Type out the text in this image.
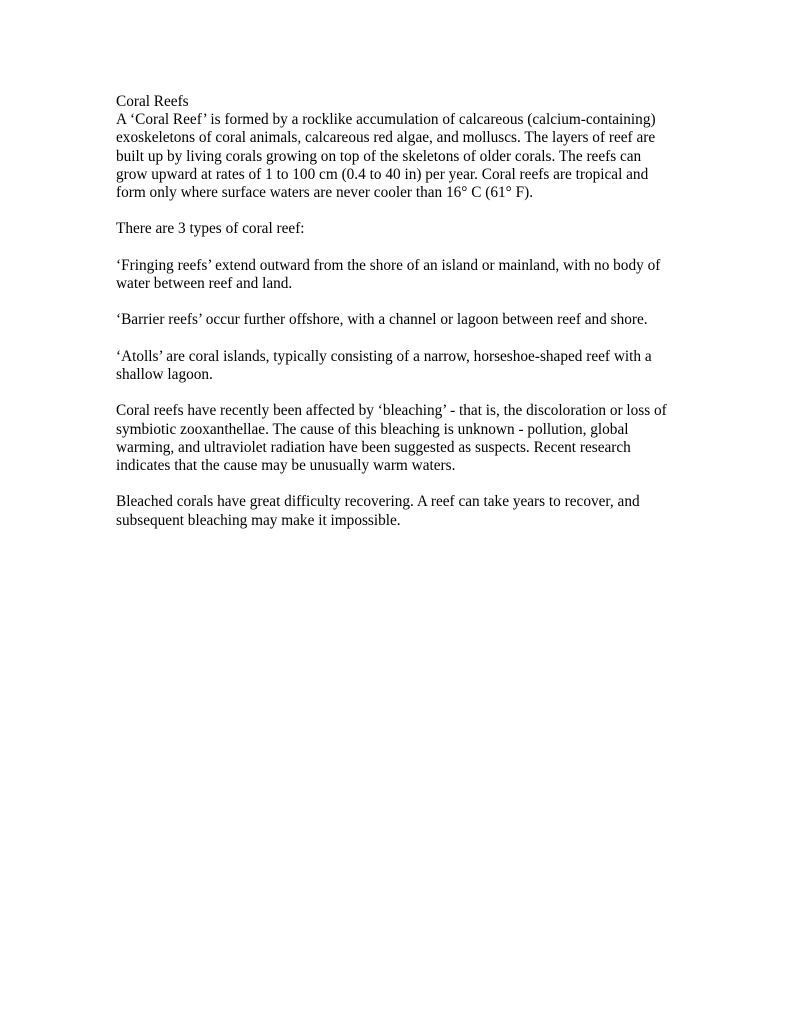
Coral Reefs
A ‘Coral Reef’ is formed by a rocklike accumulation of calcareous (calcium-containing)
exoskeletons of coral animals, calcareous red algae, and molluscs. The layers of reef are
built up by living corals growing on top of the skeletons of older corals. The reefs can
grow upward at rates of 1 to 100 cm (0.4 to 40 in) per year. Coral reefs are tropical and
form only where surface waters are never cooler than 16° C (61° F).
There are 3 types of coral reef:
‘Fringing reefs’ extend outward from the shore of an island or mainland, with no body of
water between reef and land.
‘Barrier reefs’ occur further offshore, with a channel or lagoon between reef and shore.
‘Atolls’ are coral islands, typically consisting of a narrow, horseshoe-shaped reef with a
shallow lagoon.
Coral reefs have recently been affected by ‘bleaching’ - that is, the discoloration or loss of
symbiotic zooxanthellae. The cause of this bleaching is unknown - pollution, global
warming, and ultraviolet radiation have been suggested as suspects. Recent research
indicates that the cause may be unusually warm waters.
Bleached corals have great difficulty recovering. A reef can take years to recover, and
subsequent bleaching may make it impossible.
